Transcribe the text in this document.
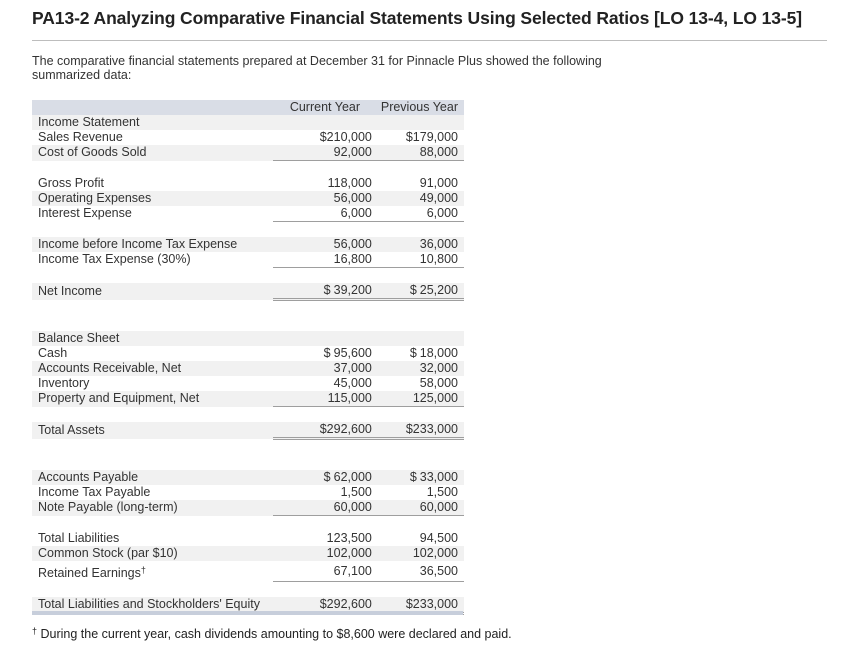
PA13-2 Analyzing Comparative Financial Statements Using Selected Ratios [LO 13-4, LO 13-5]
The comparative financial statements prepared at December 31 for Pinnacle Plus showed the following summarized data:
	Current Year	Previous Year
Income Statement		
Sales Revenue	$210,000	$179,000
Cost of Goods Sold	92,000	88,000

Gross Profit	118,000	91,000
Operating Expenses	56,000	49,000
Interest Expense	6,000	6,000

Income before Income Tax Expense	56,000	36,000
Income Tax Expense (30%)	16,800	10,800

Net Income	$ 39,200	$ 25,200

Balance Sheet		
Cash	$ 95,600	$ 18,000
Accounts Receivable, Net	37,000	32,000
Inventory	45,000	58,000
Property and Equipment, Net	115,000	125,000

Total Assets	$292,600	$233,000

Accounts Payable	$ 62,000	$ 33,000
Income Tax Payable	1,500	1,500
Note Payable (long-term)	60,000	60,000

Total Liabilities	123,500	94,500
Common Stock (par $10)	102,000	102,000
Retained Earnings†	67,100	36,500

Total Liabilities and Stockholders' Equity	$292,600	$233,000
† During the current year, cash dividends amounting to $8,600 were declared and paid.
